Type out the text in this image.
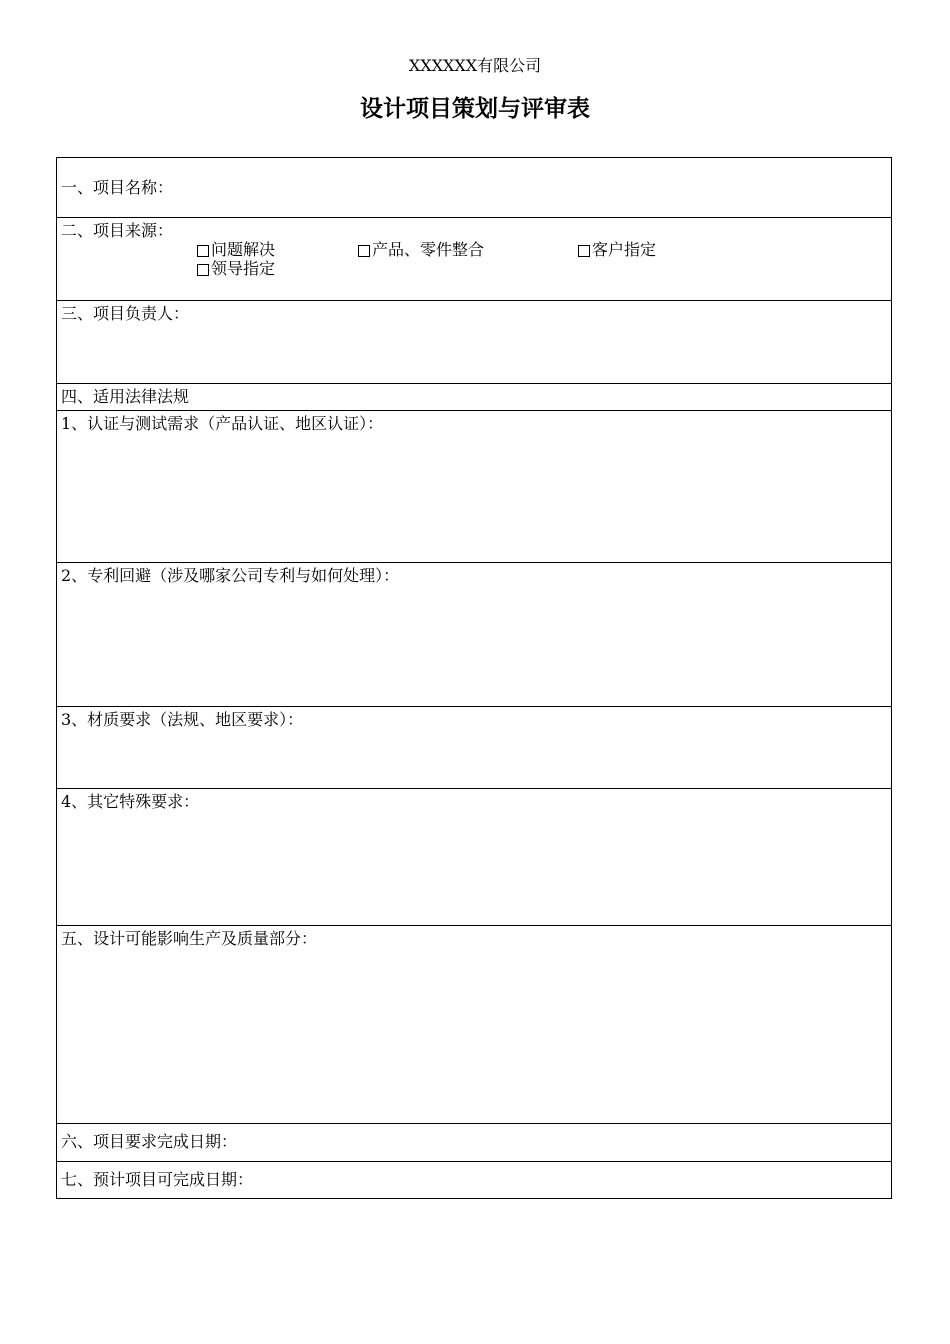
XXXXXX有限公司
设计项目策划与评审表
一、项目名称：
二、项目来源：
问题解决	产品、零件整合	客户指定
领导指定
三、项目负责人：
四、适用法律法规
1、认证与测试需求（产品认证、地区认证）：
2、专利回避（涉及哪家公司专利与如何处理）：
3、材质要求（法规、地区要求）：
4、其它特殊要求：
五、设计可能影响生产及质量部分：
六、项目要求完成日期：
七、预计项目可完成日期：
